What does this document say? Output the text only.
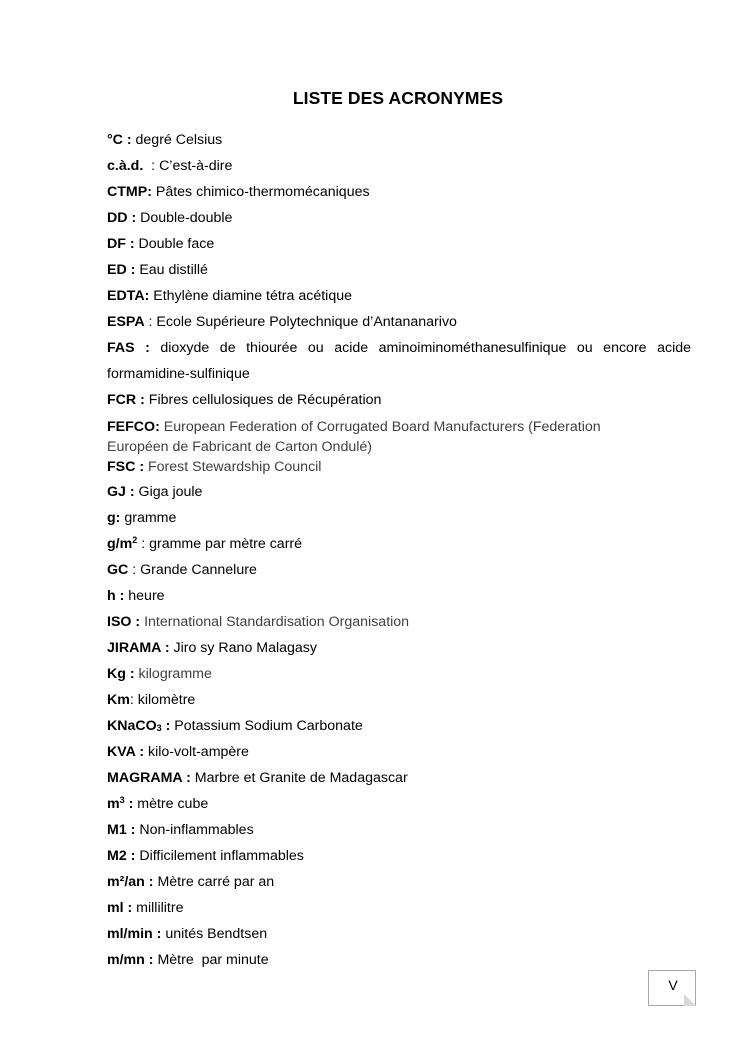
LISTE DES ACRONYMES
°C : degré Celsius
c.à.d.  : C’est-à-dire
CTMP: Pâtes chimico-thermomécaniques
DD : Double-double
DF : Double face
ED : Eau distillé
EDTA: Ethylène diamine tétra acétique
ESPA : Ecole Supérieure Polytechnique d’Antananarivo
FAS : dioxyde de thiourée ou acide aminoiminométhanesulfinique ou encore acide
formamidine-sulfinique
FCR : Fibres cellulosiques de Récupération
FEFCO: European Federation of Corrugated Board Manufacturers (Federation
Européen de Fabricant de Carton Ondulé)
FSC : Forest Stewardship Council
GJ : Giga joule
g: gramme
$g/m^2$ : gramme par mètre carré
GC : Grande Cannelure
h : heure
ISO : International Standardisation Organisation
JIRAMA : Jiro sy Rano Malagasy
Kg : kilogramme
Km: kilomètre
KNaCO$_3$ : Potassium Sodium Carbonate
KVA : kilo-volt-ampère
MAGRAMA : Marbre et Granite de Madagascar
$m^3$ : mètre cube
M1 : Non-inflammables
M2 : Difficilement inflammables
m²/an : Mètre carré par an
ml : millilitre
ml/min : unités Bendtsen
m/mn : Mètre  par minute
V
